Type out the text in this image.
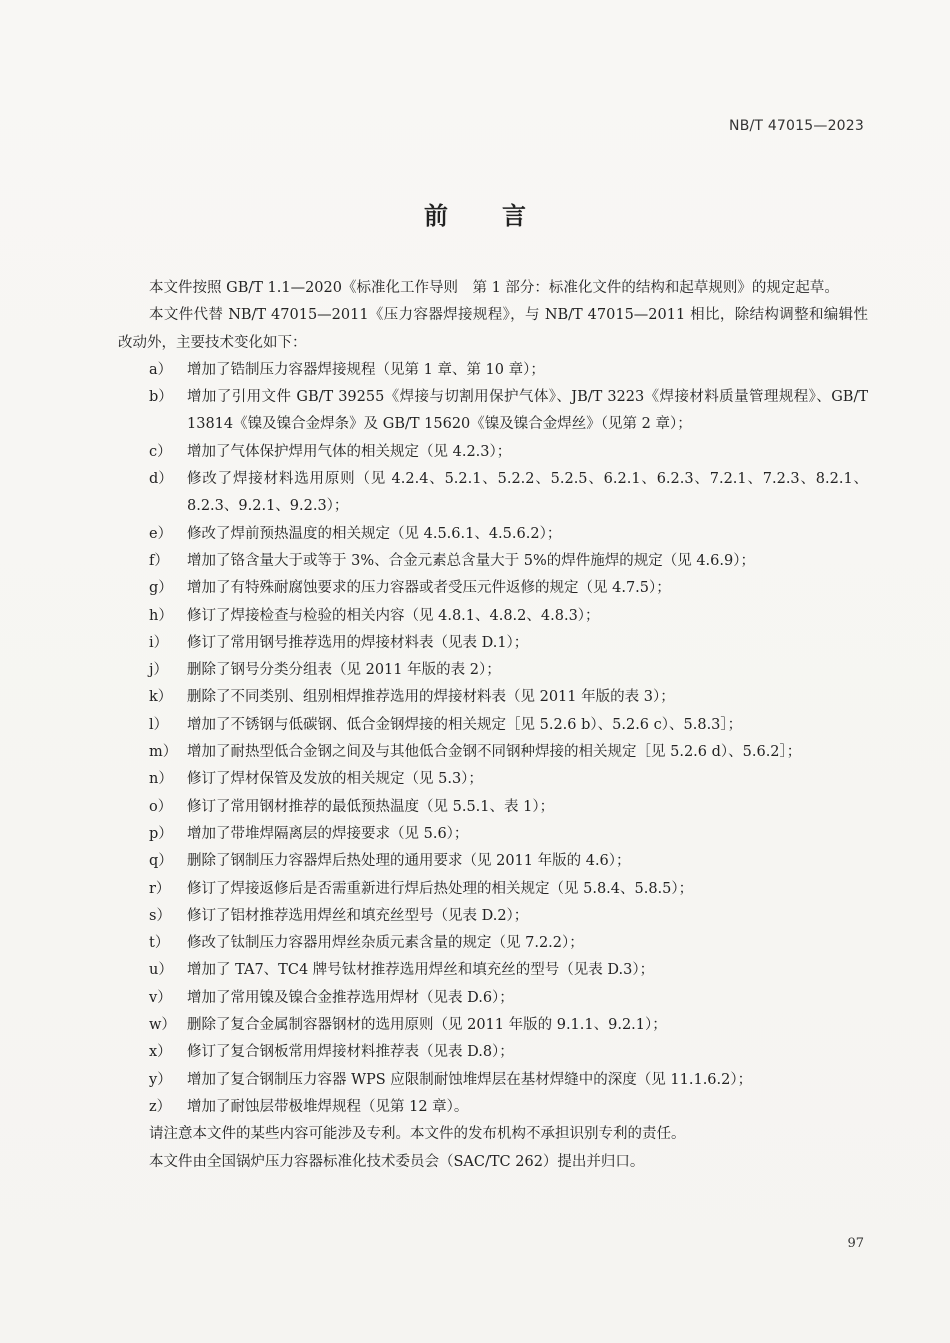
NB/T 47015—2023
前言

本文件按照 GB/T 1.1—2020《标准化工作导则　第 1 部分：标准化文件的结构和起草规则》的规定起草。

本文件代替 NB/T 47015—2011《压力容器焊接规程》，与 NB/T 47015—2011 相比，除结构调整和编辑性改动外，主要技术变化如下：

a）	增加了锆制压力容器焊接规程（见第 1 章、第 10 章）；
b） 增加了引用文件 GB/T 39255《焊接与切割用保护气体》、JB/T 3223《焊接材料质量管理规程》、GB/T 13814《镍及镍合金焊条》及 GB/T 15620《镍及镍合金焊丝》（见第 2 章）；
c）	增加了气体保护焊用气体的相关规定（见 4.2.3）；
d） 修改了焊接材料选用原则（见 4.2.4、5.2.1、5.2.2、5.2.5、6.2.1、6.2.3、7.2.1、7.2.3、8.2.1、8.2.3、9.2.1、9.2.3）；
e）	修改了焊前预热温度的相关规定（见 4.5.6.1、4.5.6.2）；
f）	增加了铬含量大于或等于 3%、合金元素总含量大于 5%的焊件施焊的规定（见 4.6.9）；
g） 增加了有特殊耐腐蚀要求的压力容器或者受压元件返修的规定（见 4.7.5）；
h） 修订了焊接检查与检验的相关内容（见 4.8.1、4.8.2、4.8.3）；
i）	修订了常用钢号推荐选用的焊接材料表（见表 D.1）；
j）	删除了钢号分类分组表（见 2011 年版的表 2）；
k）	删除了不同类别、组别相焊推荐选用的焊接材料表（见 2011 年版的表 3）；
l）	增加了不锈钢与低碳钢、低合金钢焊接的相关规定［见 5.2.6 b）、5.2.6 c）、5.8.3］；
m） 增加了耐热型低合金钢之间及与其他低合金钢不同钢种焊接的相关规定［见 5.2.6 d）、5.6.2］；
n） 修订了焊材保管及发放的相关规定（见 5.3）；
o）	修订了常用钢材推荐的最低预热温度（见 5.5.1、表 1）；
p） 增加了带堆焊隔离层的焊接要求（见 5.6）；
q） 删除了钢制压力容器焊后热处理的通用要求（见 2011 年版的 4.6）；
r）	修订了焊接返修后是否需重新进行焊后热处理的相关规定（见 5.8.4、5.8.5）；
s）	修订了铝材推荐选用焊丝和填充丝型号（见表 D.2）；
t）	修改了钛制压力容器用焊丝杂质元素含量的规定（见 7.2.2）；
u） 增加了 TA7、TC4 牌号钛材推荐选用焊丝和填充丝的型号（见表 D.3）；
v）	增加了常用镍及镍合金推荐选用焊材（见表 D.6）；
w） 删除了复合金属制容器钢材的选用原则（见 2011 年版的 9.1.1、9.2.1）；
x）	修订了复合钢板常用焊接材料推荐表（见表 D.8）；
y）	增加了复合钢制压力容器 WPS 应限制耐蚀堆焊层在基材焊缝中的深度（见 11.1.6.2）；
z）	增加了耐蚀层带极堆焊规程（见第 12 章）。

请注意本文件的某些内容可能涉及专利。本文件的发布机构不承担识别专利的责任。

本文件由全国锅炉压力容器标准化技术委员会（SAC/TC 262）提出并归口。

97
